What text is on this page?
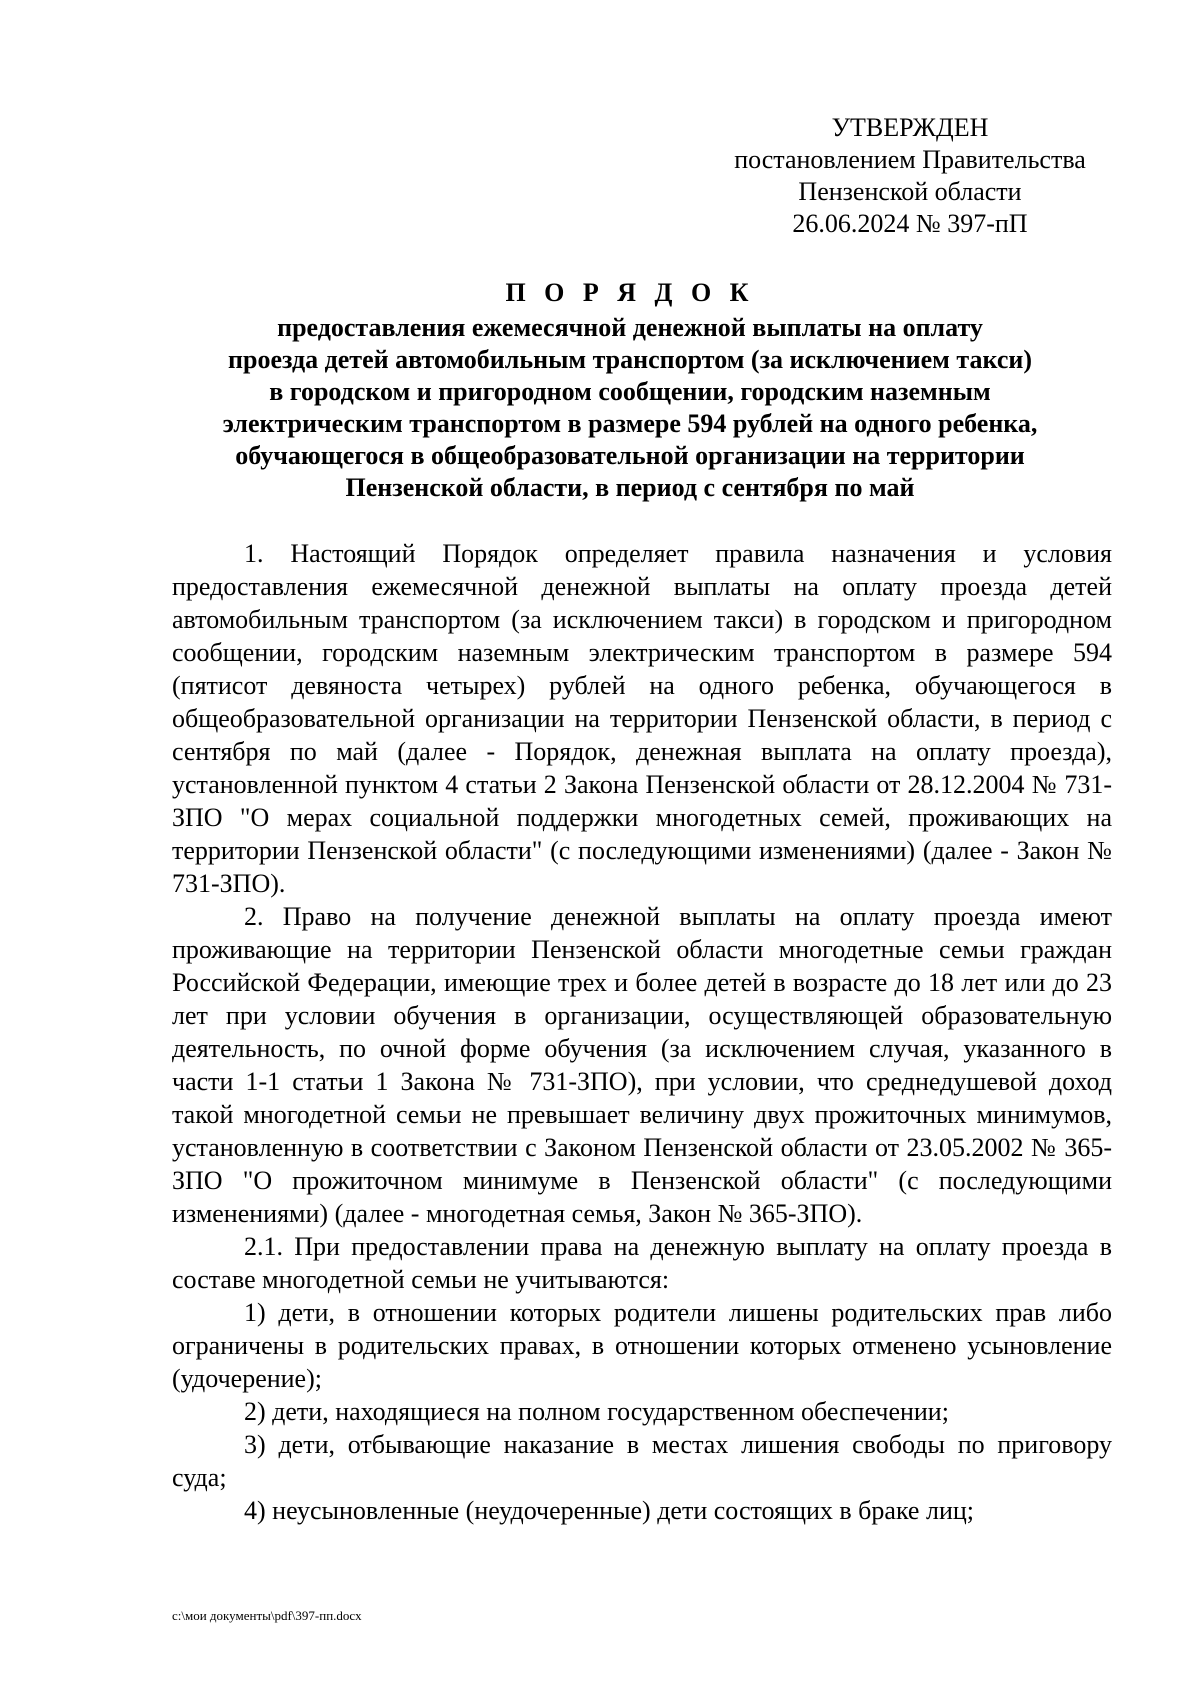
УТВЕРЖДЕН
постановлением Правительства
Пензенской области
26.06.2024 № 397-пП
П О Р Я Д О К
предоставления ежемесячной денежной выплаты на оплату
проезда детей автомобильным транспортом (за исключением такси)
в городском и пригородном сообщении, городским наземным
электрическим транспортом в размере 594 рублей на одного ребенка,
обучающегося в общеобразовательной организации на территории
Пензенской области, в период с сентября по май

1. Настоящий Порядок определяет правила назначения и условия предоставления ежемесячной денежной выплаты на оплату проезда детей автомобильным транспортом (за исключением такси) в городском и пригородном сообщении, городским наземным электрическим транспортом в размере 594 (пятисот девяноста четырех) рублей на одного ребенка, обучающегося в общеобразовательной организации на территории Пензенской области, в период с сентября по май (далее - Порядок, денежная выплата на оплату проезда), установленной пунктом 4 статьи 2 Закона Пензенской области от 28.12.2004 № 731-ЗПО "О мерах социальной поддержки многодетных семей, проживающих на территории Пензенской области" (с последующими изменениями) (далее - Закон № 731-ЗПО).

2. Право на получение денежной выплаты на оплату проезда имеют проживающие на территории Пензенской области многодетные семьи граждан Российской Федерации, имеющие трех и более детей в возрасте до 18 лет или до 23 лет при условии обучения в организации, осуществляющей образовательную деятельность, по очной форме обучения (за исключением случая, указанного в части 1-1 статьи 1 Закона № 731-ЗПО), при условии, что среднедушевой доход такой многодетной семьи не превышает величину двух прожиточных минимумов, установленную в соответствии с Законом Пензенской области от 23.05.2002 № 365-ЗПО "О прожиточном минимуме в Пензенской области" (с последующими изменениями) (далее - многодетная семья, Закон № 365-ЗПО).

2.1. При предоставлении права на денежную выплату на оплату проезда в составе многодетной семьи не учитываются:

1) дети, в отношении которых родители лишены родительских прав либо ограничены в родительских правах, в отношении которых отменено усыновление (удочерение);

2) дети, находящиеся на полном государственном обеспечении;

3) дети, отбывающие наказание в местах лишения свободы по приговору суда;

4) неусыновленные (неудочеренные) дети состоящих в браке лиц;

c:\мои документы\pdf\397-пп.docx
